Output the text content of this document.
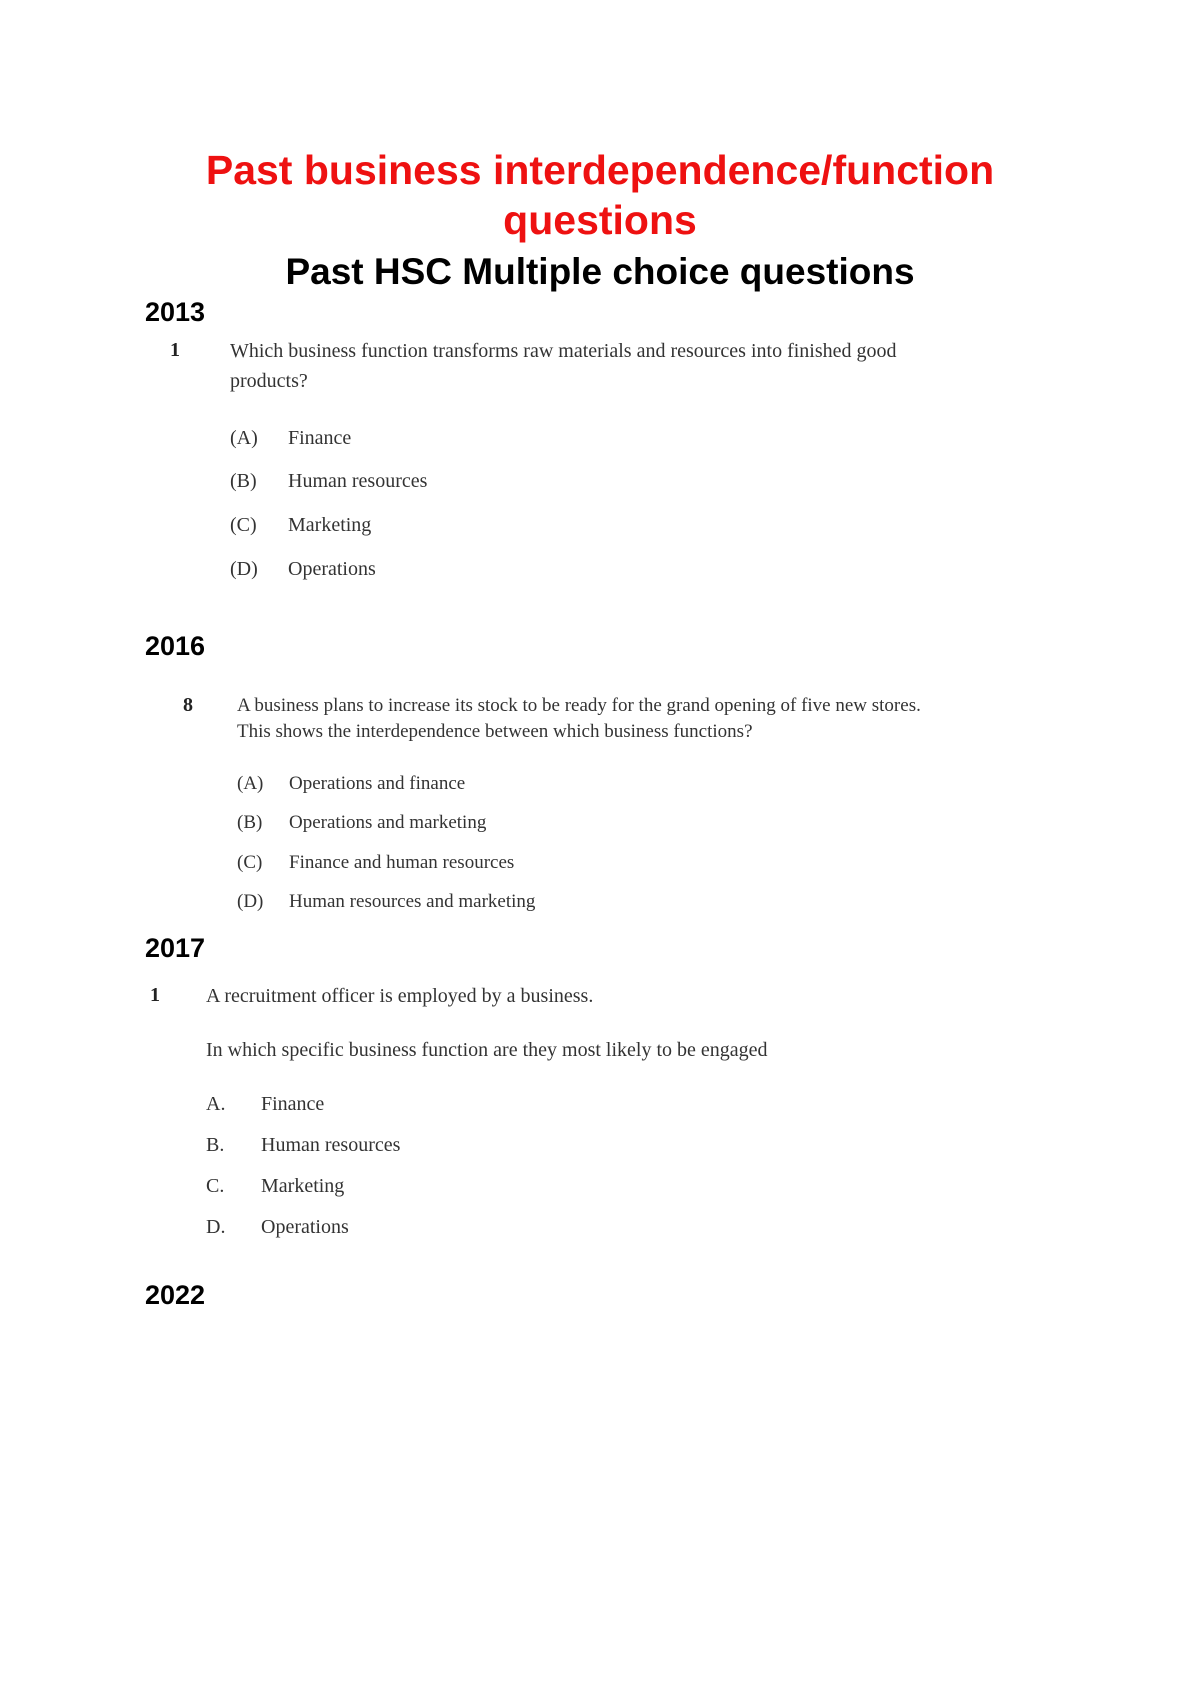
Past business interdependence/function
questions
Past HSC Multiple choice questions
2013
1	Which business function transforms raw materials and resources into finished good
products?
(A) Finance
(B) Human resources
(C) Marketing
(D) Operations
2016
8 A business plans to increase its stock to be ready for the grand opening of five new stores.
This shows the interdependence between which business functions?
(A) Operations and finance
(B) Operations and marketing
(C) Finance and human resources
(D) Human resources and marketing
2017
1 A recruitment officer is employed by a business.
In which specific business function are they most likely to be engaged
A. Finance
B. Human resources
C. Marketing
D. Operations
2022
